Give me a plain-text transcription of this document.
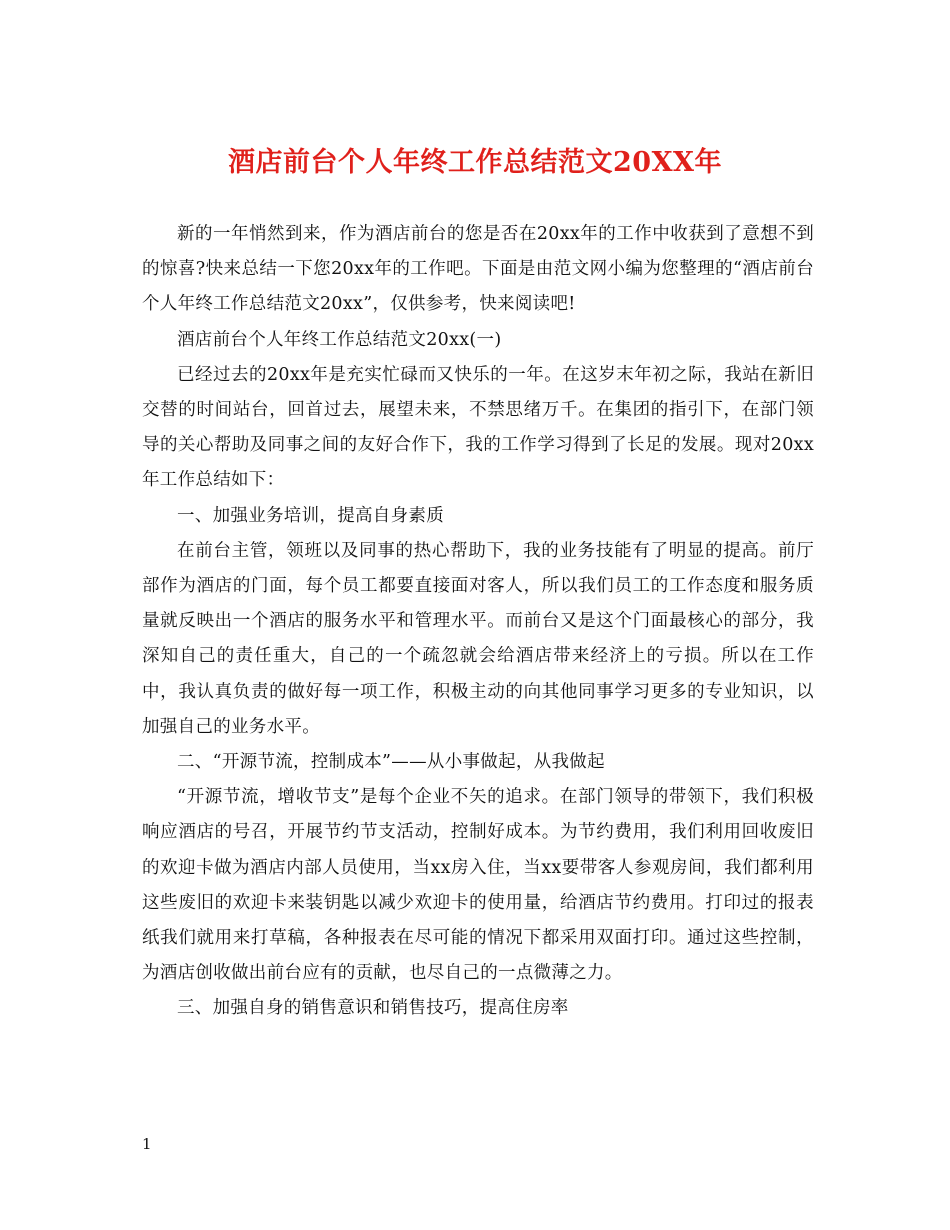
酒店前台个人年终工作总结范文20XX年

新的一年悄然到来，作为酒店前台的您是否在20xx年的工作中收获到了意想不到的惊喜?快来总结一下您20xx年的工作吧。下面是由范文网小编为您整理的“酒店前台个人年终工作总结范文20xx”，仅供参考，快来阅读吧!

酒店前台个人年终工作总结范文20xx(一)

已经过去的20xx年是充实忙碌而又快乐的一年。在这岁末年初之际，我站在新旧交替的时间站台，回首过去，展望未来，不禁思绪万千。在集团的指引下，在部门领导的关心帮助及同事之间的友好合作下，我的工作学习得到了长足的发展。现对20xx年工作总结如下：

一、加强业务培训，提高自身素质

在前台主管，领班以及同事的热心帮助下，我的业务技能有了明显的提高。前厅部作为酒店的门面，每个员工都要直接面对客人，所以我们员工的工作态度和服务质量就反映出一个酒店的服务水平和管理水平。而前台又是这个门面最核心的部分，我深知自己的责任重大，自己的一个疏忽就会给酒店带来经济上的亏损。所以在工作中，我认真负责的做好每一项工作，积极主动的向其他同事学习更多的专业知识，以加强自己的业务水平。

二、“开源节流，控制成本”——从小事做起，从我做起

“开源节流，增收节支”是每个企业不矢的追求。在部门领导的带领下，我们积极响应酒店的号召，开展节约节支活动，控制好成本。为节约费用，我们利用回收废旧的欢迎卡做为酒店内部人员使用，当xx房入住，当xx要带客人参观房间，我们都利用这些废旧的欢迎卡来装钥匙以减少欢迎卡的使用量，给酒店节约费用。打印过的报表纸我们就用来打草稿，各种报表在尽可能的情况下都采用双面打印。通过这些控制，为酒店创收做出前台应有的贡献，也尽自己的一点微薄之力。

三、加强自身的销售意识和销售技巧，提高住房率

1
